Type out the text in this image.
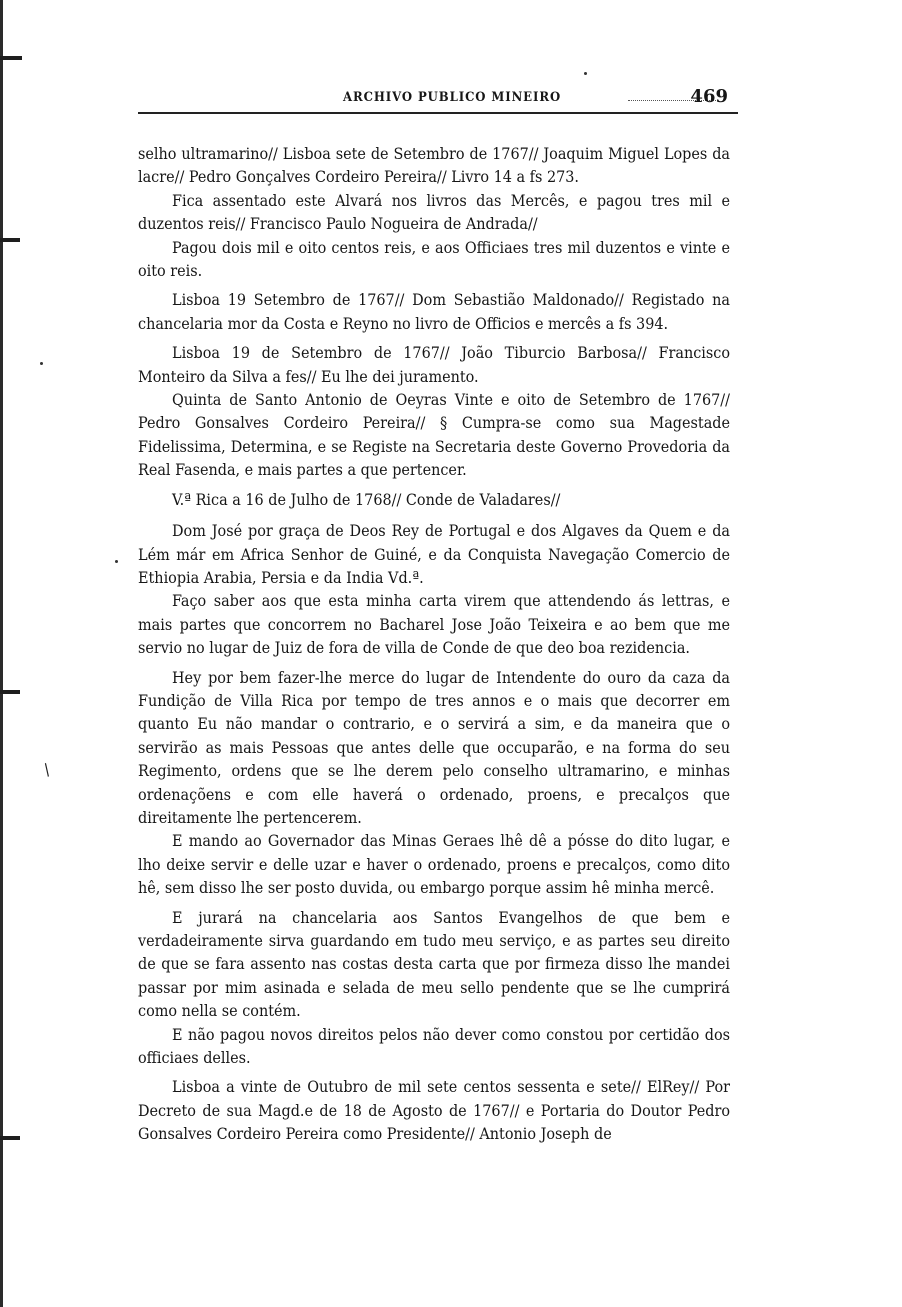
∕
ARCHIVO PUBLICO MINEIRO	469

selho ultramarino// Lisboa sete de Setembro de 1767// Joaquim Miguel Lopes da lacre// Pedro Gonçalves Cordeiro Pereira// Livro 14 a fs 273.

Fica assentado este Alvará nos livros das Mercês, e pagou tres mil e duzentos reis// Francisco Paulo Nogueira de Andrada//

Pagou dois mil e oito centos reis, e aos Officiaes tres mil duzentos e vinte e oito reis.

Lisboa 19 Setembro de 1767// Dom Sebastião Maldonado// Registado na chancelaria mor da Costa e Reyno no livro de Officios e mercês a fs 394.

Lisboa 19 de Setembro de 1767// João Tiburcio Barbosa// Francisco Monteiro da Silva a fes// Eu lhe dei juramento.

Quinta de Santo Antonio de Oeyras Vinte e oito de Setembro de 1767// Pedro Gonsalves Cordeiro Pereira// § Cumpra-se como sua Magestade Fidelissima, Determina, e se Registe na Secretaria deste Governo Provedoria da Real Fasenda, e mais partes a que pertencer.

V.ª Rica a 16 de Julho de 1768// Conde de Valadares//

Dom José por graça de Deos Rey de Portugal e dos Algaves da Quem e da Lém már em Africa Senhor de Guiné, e da Conquista Navegação Comercio de Ethiopia Arabia, Persia e da India Vd.ª.

Faço saber aos que esta minha carta virem que attendendo ás lettras, e mais partes que concorrem no Bacharel Jose João Teixeira e ao bem que me servio no lugar de Juiz de fora de villa de Conde de que deo boa rezidencia.

Hey por bem fazer-lhe merce do lugar de Intendente do ouro da caza da Fundição de Villa Rica por tempo de tres annos e o mais que decorrer em quanto Eu não mandar o contrario, e o servirá a sim, e da maneira que o servirão as mais Pessoas que antes delle que occuparão, e na forma do seu Regimento, ordens que se lhe derem pelo conselho ultramarino, e minhas ordenaçõens e com elle haverá o ordenado, proens, e precalços que direitamente lhe pertencerem.

E mando ao Governador das Minas Geraes lhê dê a pósse do dito lugar, e lho deixe servir e delle uzar e haver o ordenado, proens e precalços, como dito hê, sem disso lhe ser posto duvida, ou embargo porque assim hê minha mercê.

E jurará na chancelaria aos Santos Evangelhos de que bem e verdadeiramente sirva guardando em tudo meu serviço, e as partes seu direito de que se fara assento nas costas desta carta que por firmeza disso lhe mandei passar por mim asinada e selada de meu sello pendente que se lhe cumprirá como nella se contém.

E não pagou novos direitos pelos não dever como constou por certidão dos officiaes delles.

Lisboa a vinte de Outubro de mil sete centos sessenta e sete// ElRey// Por Decreto de sua Magd.e de 18 de Agosto de 1767// e Portaria do Doutor Pedro Gonsalves Cordeiro Pereira como Presidente// Antonio Joseph de
